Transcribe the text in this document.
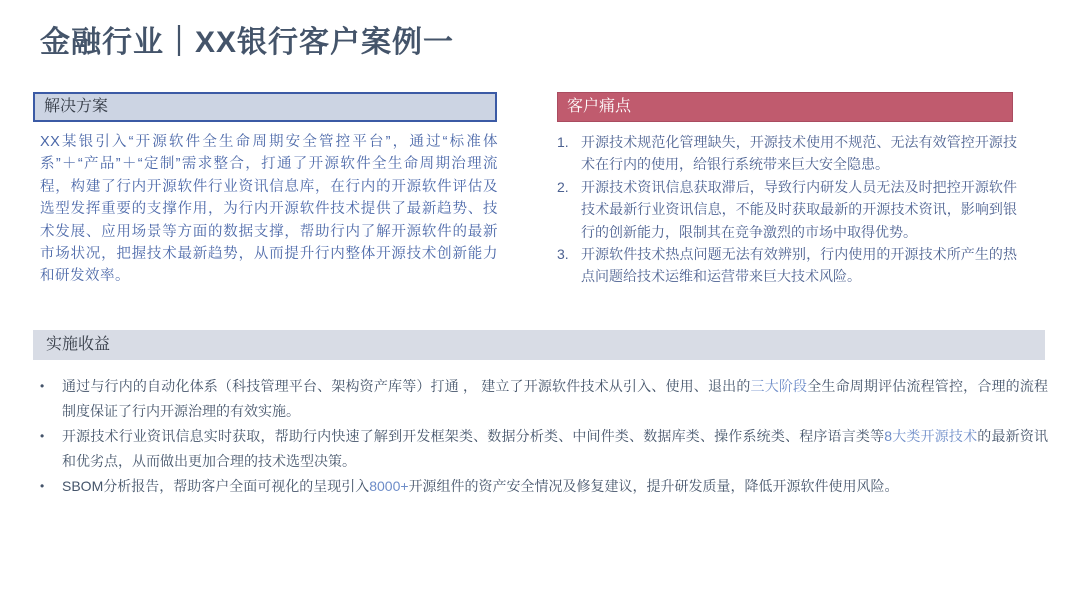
金融行业｜XX银行客户案例一
解决方案

XX某银引入“开源软件全生命周期安全管控平台”，通过“标准体系”＋“产品”＋“定制”需求整合，打通了开源软件全生命周期治理流程，构建了行内开源软件行业资讯信息库，在行内的开源软件评估及选型发挥重要的支撑作用，为行内开源软件技术提供了最新趋势、技术发展、应用场景等方面的数据支撑，帮助行内了解开源软件的最新市场状况，把握技术最新趋势，从而提升行内整体开源技术创新能力和研发效率。

客户痛点
1. 开源技术规范化管理缺失，开源技术使用不规范、无法有效管控开源技术在行内的使用，给银行系统带来巨大安全隐患。
2. 开源技术资讯信息获取滞后，导致行内研发人员无法及时把控开源软件技术最新行业资讯信息，不能及时获取最新的开源技术资讯，影响到银行的创新能力，限制其在竞争激烈的市场中取得优势。
3. 开源软件技术热点问题无法有效辨别，行内使用的开源技术所产生的热点问题给技术运维和运营带来巨大技术风险。
实施收益
•	通过与行内的自动化体系（科技管理平台、架构资产库等）打通 ， 建立了开源软件技术从引入、使用、退出的三大阶段全生命周期评估流程管控，合理的流程制度保证了行内开源治理的有效实施。
•	开源技术行业资讯信息实时获取，帮助行内快速了解到开发框架类、数据分析类、中间件类、数据库类、操作系统类、程序语言类等8大类开源技术的最新资讯和优劣点，从而做出更加合理的技术选型决策。
•	SBOM分析报告，帮助客户全面可视化的呈现引入8000+开源组件的资产安全情况及修复建议，提升研发质量，降低开源软件使用风险。
